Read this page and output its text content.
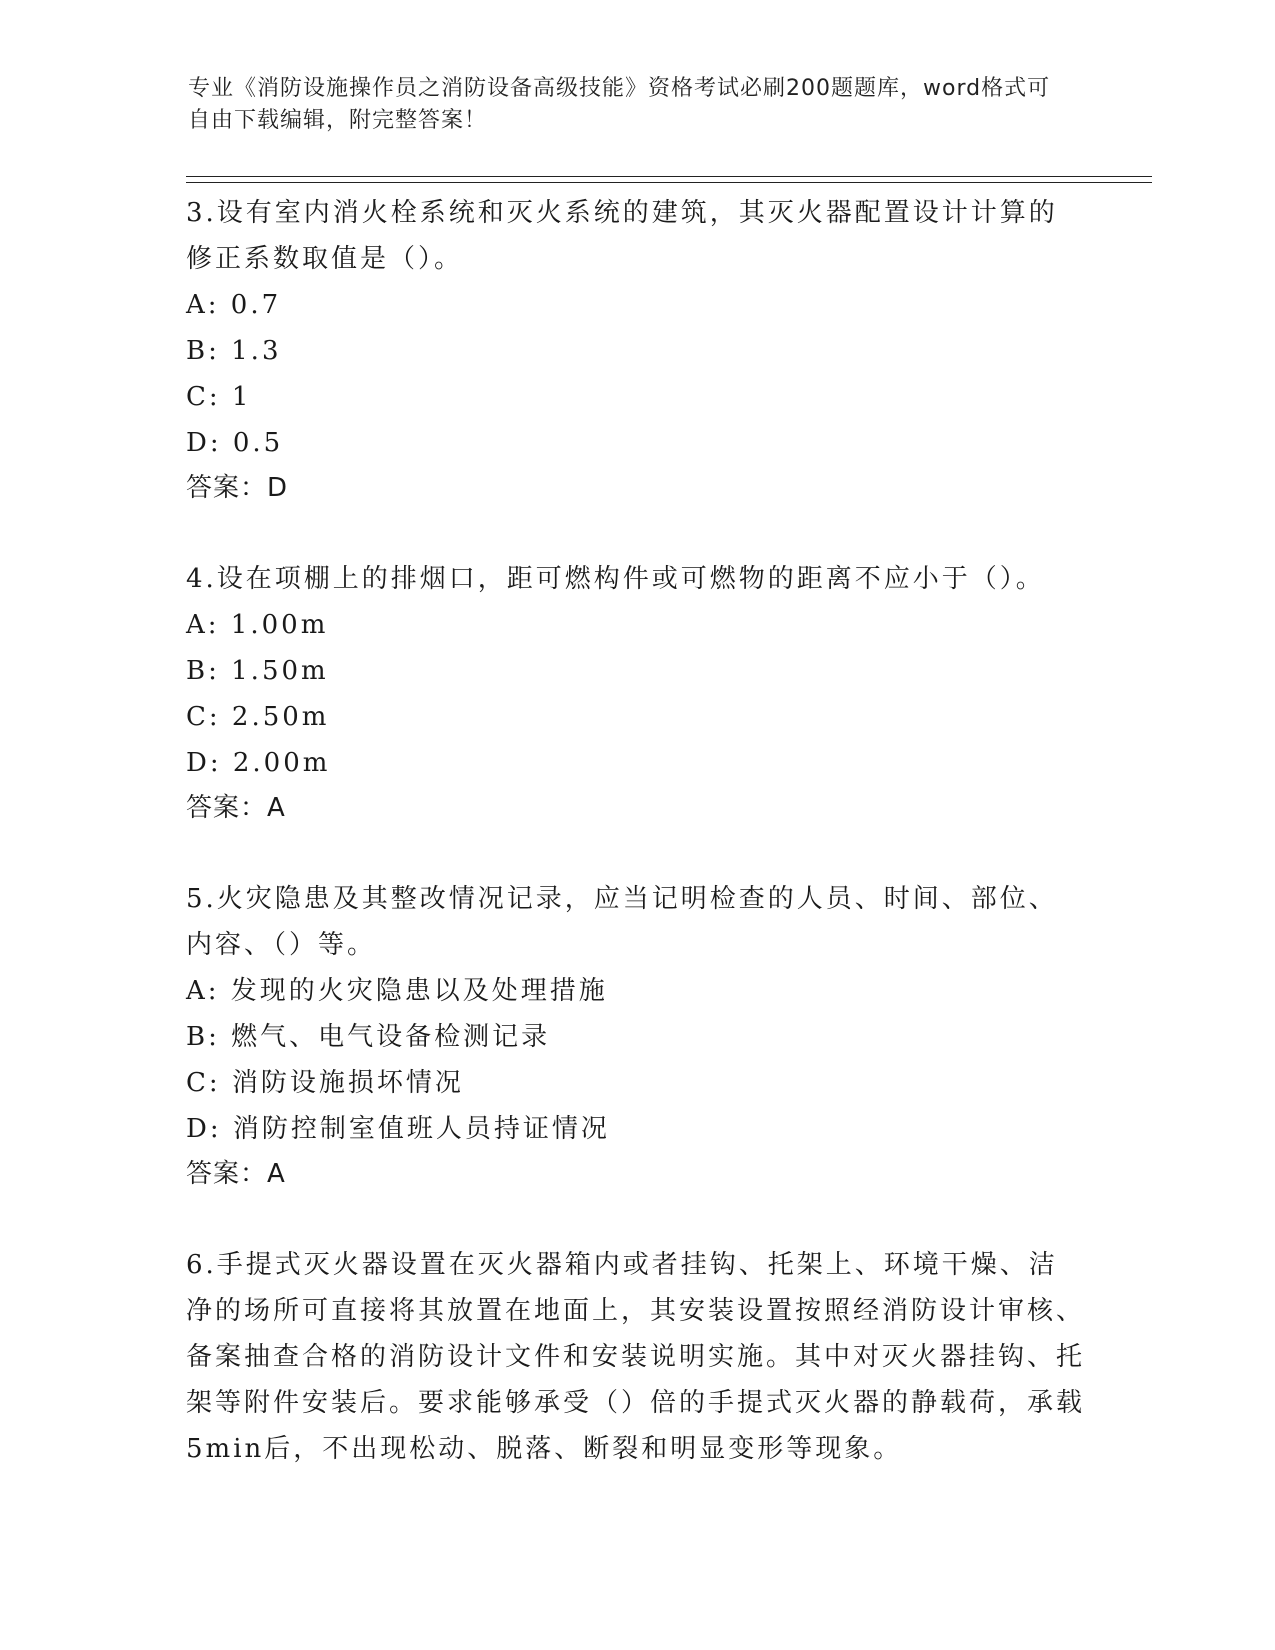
专业《消防设施操作员之消防设备高级技能》资格考试必刷200题题库，word格式可自由下载编辑，附完整答案！

3.设有室内消火栓系统和灭火系统的建筑，其灭火器配置设计计算的修正系数取值是（）。

A: 0.7

B: 1.3

C: 1

D: 0.5

答案：D

4.设在项棚上的排烟口，距可燃构件或可燃物的距离不应小于（）。

A: 1.00m

B: 1.50m

C: 2.50m

D: 2.00m

答案：A

5.火灾隐患及其整改情况记录，应当记明检查的人员、时间、部位、内容、（）等。

A: 发现的火灾隐患以及处理措施

B: 燃气、电气设备检测记录

C: 消防设施损坏情况

D: 消防控制室值班人员持证情况

答案：A

6.手提式灭火器设置在灭火器箱内或者挂钩、托架上、环境干燥、洁净的场所可直接将其放置在地面上，其安装设置按照经消防设计审核、备案抽查合格的消防设计文件和安装说明实施。其中对灭火器挂钩、托架等附件安装后。要求能够承受（）倍的手提式灭火器的静载荷，承载5min后，不出现松动、脱落、断裂和明显变形等现象。
